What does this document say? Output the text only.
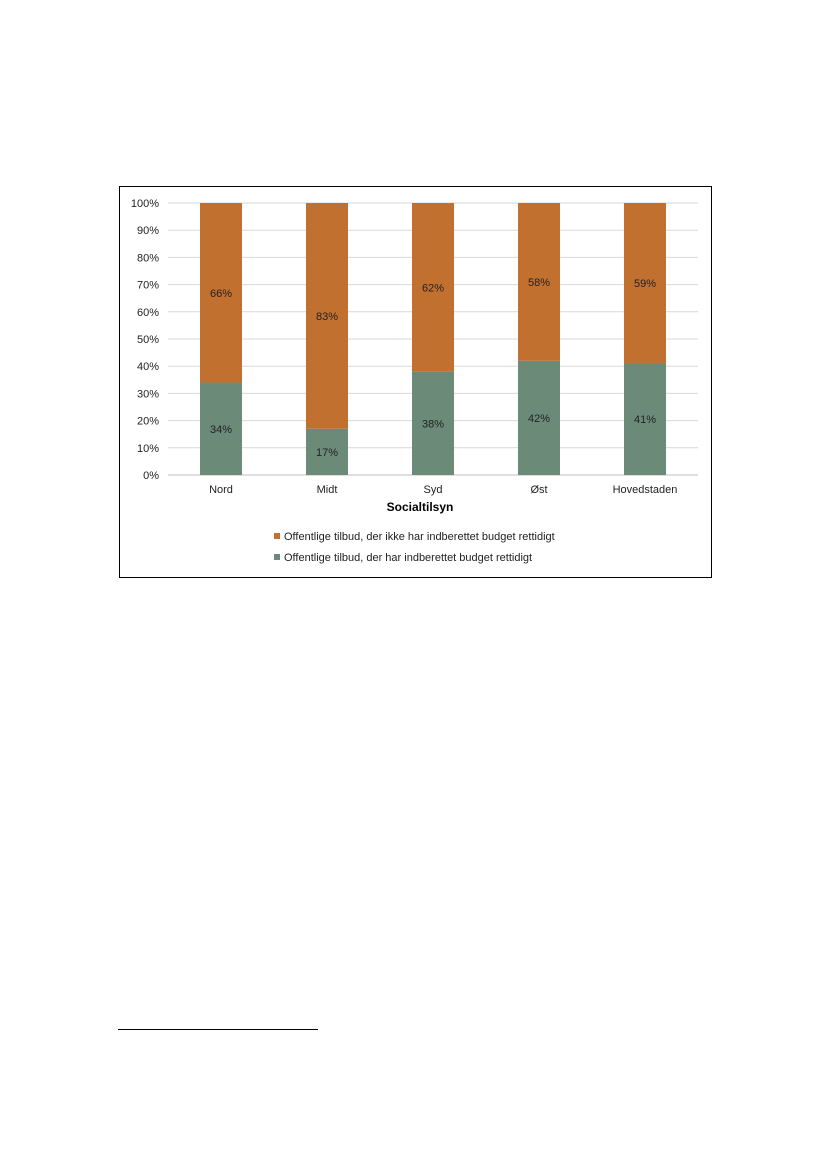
0%
10%
20%
30%
40%
50%
60%
70%
80%
90%
100%
34%
66%
17%
83%
38%
62%
42%
58%
41%
59%
Nord	Midt	Syd	Øst	Hovedstaden
Socialtilsyn
Offentlige tilbud, der ikke har indberettet budget rettidigt
Offentlige tilbud, der har indberettet budget rettidigt
